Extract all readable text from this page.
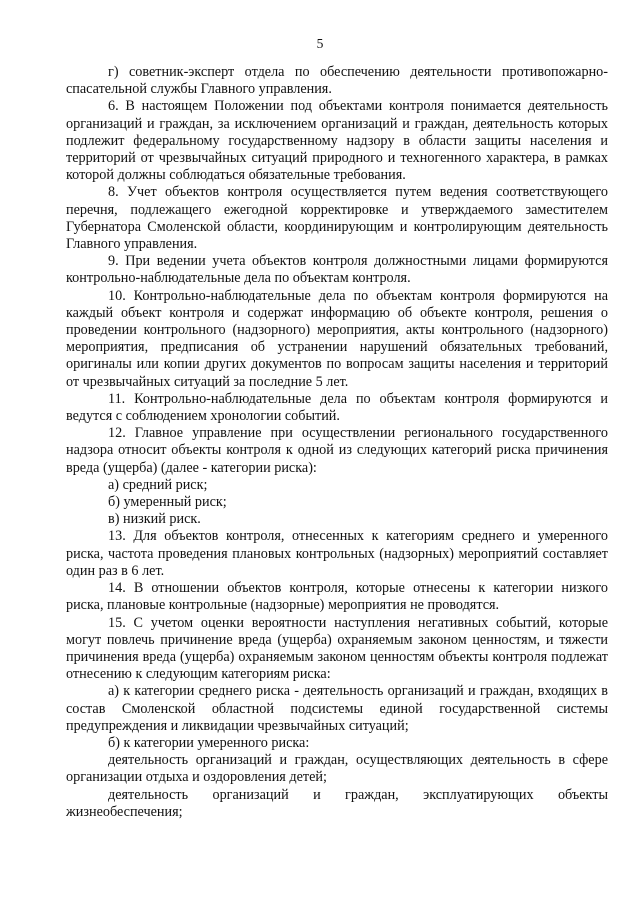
5

г) советник-эксперт отдела по обеспечению деятельности противопожарно-спасательной службы Главного управления.

6. В настоящем Положении под объектами контроля понимается деятельность организаций и граждан, за исключением организаций и граждан, деятельность которых подлежит федеральному государственному надзору в области защиты населения и территорий от чрезвычайных ситуаций природного и техногенного характера, в рамках которой должны соблюдаться обязательные требования.

8. Учет объектов контроля осуществляется путем ведения соответствующего перечня, подлежащего ежегодной корректировке и утверждаемого заместителем Губернатора Смоленской области, координирующим и контролирующим деятельность Главного управления.

9. При ведении учета объектов контроля должностными лицами формируются контрольно-наблюдательные дела по объектам контроля.

10. Контрольно-наблюдательные дела по объектам контроля формируются на каждый объект контроля и содержат информацию об объекте контроля, решения о проведении контрольного (надзорного) мероприятия, акты контрольного (надзорного) мероприятия, предписания об устранении нарушений обязательных требований, оригиналы или копии других документов по вопросам защиты населения и территорий от чрезвычайных ситуаций за последние 5 лет.

11. Контрольно-наблюдательные дела по объектам контроля формируются и ведутся с соблюдением хронологии событий.

12. Главное управление при осуществлении регионального государственного надзора относит объекты контроля к одной из следующих категорий риска причинения вреда (ущерба) (далее - категории риска):

а) средний риск;

б) умеренный риск;

в) низкий риск.

13. Для объектов контроля, отнесенных к категориям среднего и умеренного риска, частота проведения плановых контрольных (надзорных) мероприятий составляет один раз в 6 лет.

14. В отношении объектов контроля, которые отнесены к категории низкого риска, плановые контрольные (надзорные) мероприятия не проводятся.

15. С учетом оценки вероятности наступления негативных событий, которые могут повлечь причинение вреда (ущерба) охраняемым законом ценностям, и тяжести причинения вреда (ущерба) охраняемым законом ценностям объекты контроля подлежат отнесению к следующим категориям риска:

а) к категории среднего риска - деятельность организаций и граждан, входящих в состав Смоленской областной подсистемы единой государственной системы предупреждения и ликвидации чрезвычайных ситуаций;

б) к категории умеренного риска:

деятельность организаций и граждан, осуществляющих деятельность в сфере организации отдыха и оздоровления детей;

деятельность организаций и граждан, эксплуатирующих объекты жизнеобеспечения;
